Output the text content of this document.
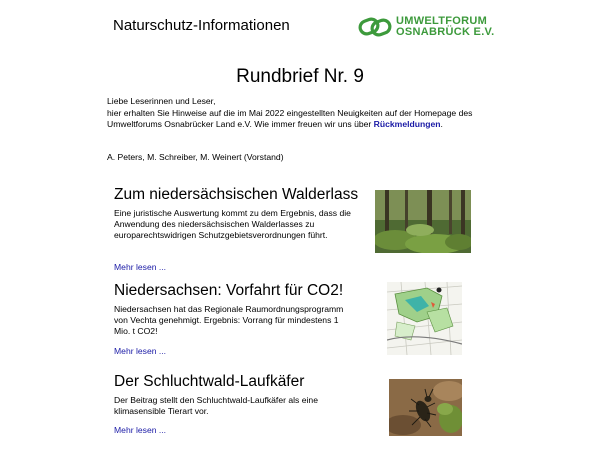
Naturschutz-Informationen	UMWELTFORUM
OSNABRÜCK E.V.
Rundbrief Nr. 9
Liebe Leserinnen und Leser,
hier erhalten Sie Hinweise auf die im Mai 2022 eingestellten Neuigkeiten auf der Homepage des Umweltforums Osnabrücker Land e.V. Wie immer freuen wir uns über Rückmeldungen.
A. Peters, M. Schreiber, M. Weinert (Vorstand)
Zum niedersächsischen Walderlass

Eine juristische Auswertung kommt zu dem Ergebnis, dass die Anwendung des niedersächsischen Walderlasses zu europarechtswidrigen Schutzgebietsverordnungen führt.

Mehr lesen ...
Niedersachsen: Vorfahrt für CO2!

Niedersachsen hat das Regionale Raumordnungsprogramm von Vechta genehmigt. Ergebnis: Vorrang für mindestens 1 Mio. t CO2!

Mehr lesen ...
Der Schluchtwald-Laufkäfer

Der Beitrag stellt den Schluchtwald-Laufkäfer als eine klimasensible Tierart vor.

Mehr lesen ...
